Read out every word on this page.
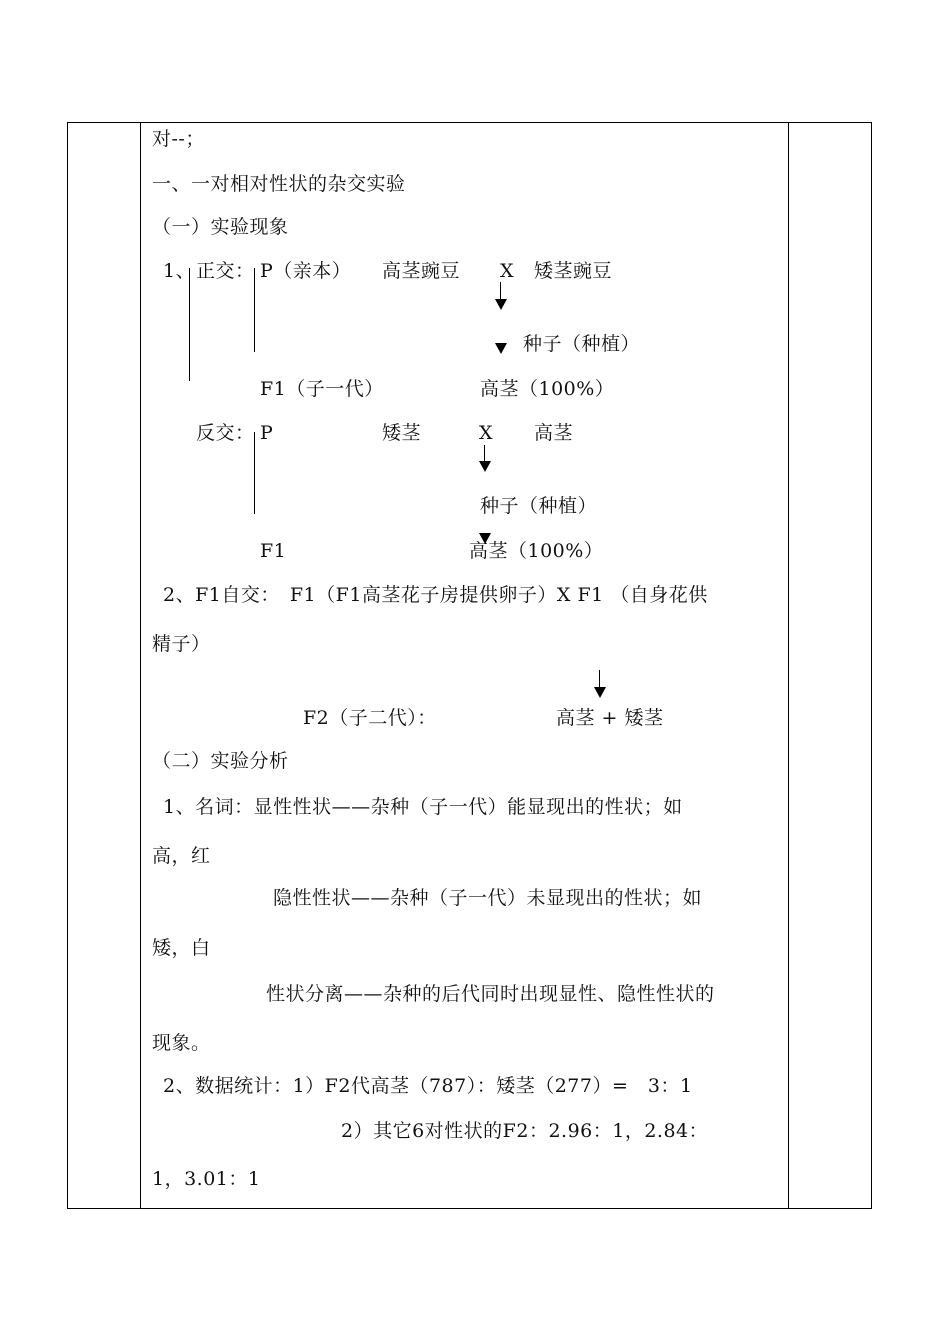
对--；
一、一对相对性状的杂交实验
（一）实验现象
1、 正交： P（亲本） 高茎豌豆 X 矮茎豌豆
种子（种植）
F1（子一代）	高茎（100%）
反交： P	矮茎	X 高茎
种子（种植）
F1	高茎（100%）
2、F1自交：　F1（F1高茎花子房提供卵子）X F1 （自身花供
精子）
F2（子二代）：	高茎 + 矮茎
（二）实验分析
1、名词：显性性状——杂种（子一代）能显现出的性状；如
高，红
隐性性状——杂种（子一代）未显现出的性状；如
矮，白
性状分离——杂种的后代同时出现显性、隐性性状的
现象。
2、数据统计：1）F2代高茎（787）：矮茎（277）=　3：1
2）其它6对性状的F2：2.96：1，2.84：
1，3.01：1
